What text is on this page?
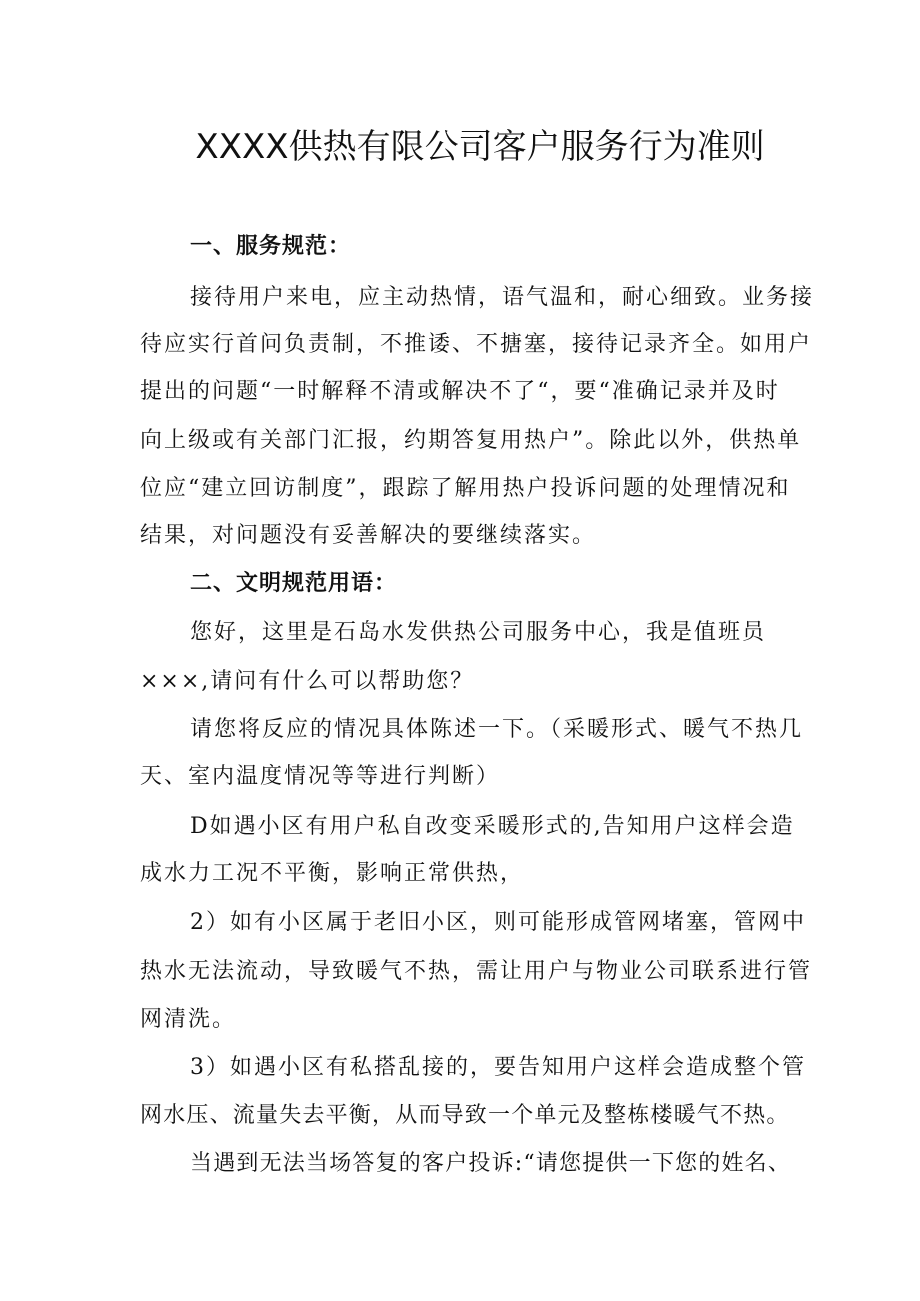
XXXX供热有限公司客户服务行为准则
一、服务规范：
接待用户来电，应主动热情，语气温和，耐心细致。业务接
待应实行首问负责制，不推诿、不搪塞，接待记录齐全。如用户
提出的问题“一时解释不清或解决不了“，要“准确记录并及时
向上级或有关部门汇报，约期答复用热户”。除此以外，供热单
位应“建立回访制度”，跟踪了解用热户投诉问题的处理情况和
结果，对问题没有妥善解决的要继续落实。
二、文明规范用语：
您好，这里是石岛水发供热公司服务中心，我是值班员
×××,请问有什么可以帮助您？
请您将反应的情况具体陈述一下。（采暖形式、暖气不热几
天、室内温度情况等等进行判断）
D如遇小区有用户私自改变采暖形式的,告知用户这样会造
成水力工况不平衡，影响正常供热，
2）如有小区属于老旧小区，则可能形成管网堵塞，管网中
热水无法流动，导致暖气不热，需让用户与物业公司联系进行管
网清洗。
3）如遇小区有私搭乱接的，要告知用户这样会造成整个管
网水压、流量失去平衡，从而导致一个单元及整栋楼暖气不热。
当遇到无法当场答复的客户投诉:“请您提供一下您的姓名、
